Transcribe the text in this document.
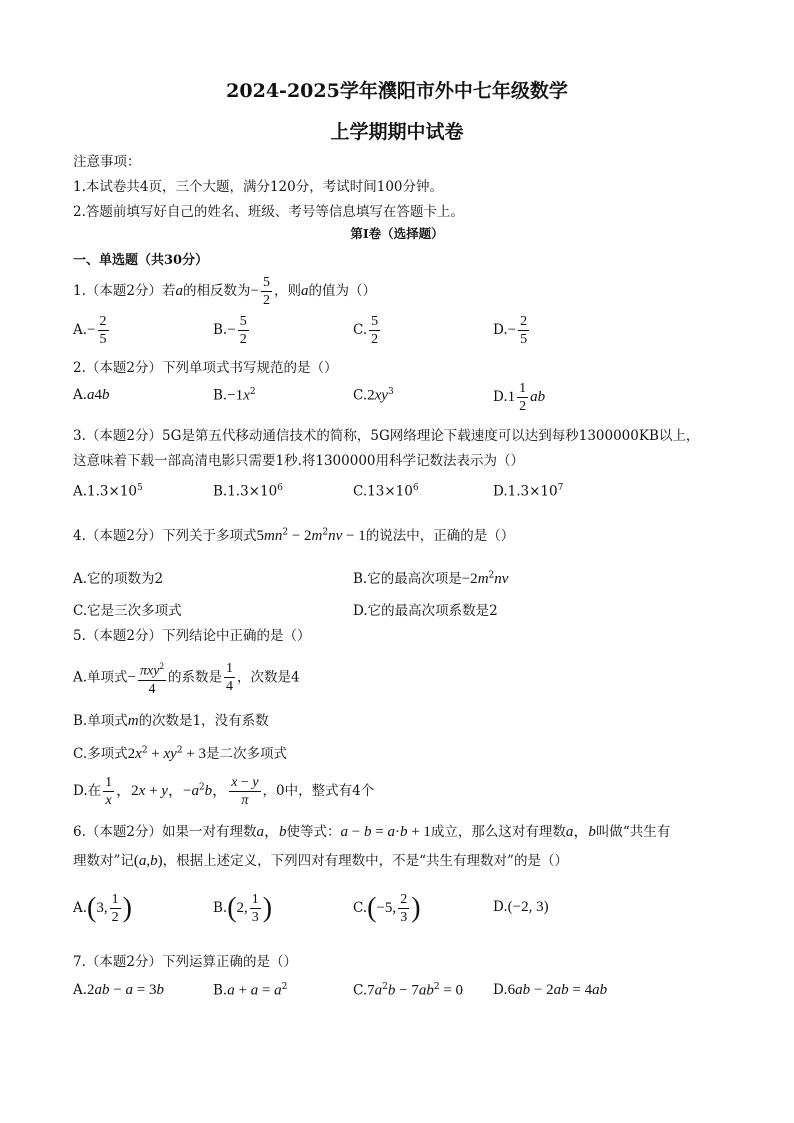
2024-2025学年濮阳市外中七年级数学
上学期期中试卷
注意事项：
1.本试卷共4页，三个大题，满分120分，考试时间100分钟。
2.答题前填写好自己的姓名、班级、考号等信息填写在答题卡上。
第I卷（选择题）
一、单选题（共30分）
1.（本题2分）若a的相反数为− $\frac{5}{2}$ ，则a的值为（）
$A.- \frac{2}{5}$	$B.- \frac{5}{2}$	C. $\frac{5}{2}$	$D.- \frac{2}{5}$
2.（本题2分）下列单项式书写规范的是（）
A.a4b	$B.-1x^2$	$C.2xy^3$	$D.1 \frac{1}{2}$ ab
3.（本题2分）5G是第五代移动通信技术的简称，5G网络理论下载速度可以达到每秒1300000KB以上，
这意味着下载一部高清电影只需要1秒.将1300000用科学记数法表示为（）
$A.1.3\times 10^5$	$B.1.3\times 10^6$	$C.13\times 10^6$	$D.1.3\times 10^7$
4.（本题2分）下列关于多项式$5mn^2 - 2m^2nv - 1$的说法中，正确的是（）
A.它的项数为2	B.它的最高次项是$-2m^2nv$
C.它是三次多项式	D.它的最高次项系数是2
5.（本题2分）下列结论中正确的是（）
A.单项式− $\frac{\pi xy^2}{4}$ 的系数是 $\frac{1}{4}$ ，次数是4
B.单项式m的次数是1，没有系数
C.多项式$2x^2 + xy^2 + 3$是二次多项式
D.在 $\frac{1}{x}$ ，2x + y，$-a^2b$， $\frac{x - y}{\pi}$ ，0中，整式有4个
6.（本题2分）如果一对有理数a，b使等式：a − b = a·b + 1成立，那么这对有理数a，b叫做“共生有
理数对”记(a,b)，根据上述定义，下列四对有理数中，不是“共生有理数对”的是（）
A.(3, $\frac{1}{2}$ )	B.(2, $\frac{1}{3}$ )	C.(−5, $\frac{2}{3}$ )	D.(−2, 3)
7.（本题2分）下列运算正确的是（）
A.2ab − a = 3b	$B.a + a = a^2$	$C.7a^2b - 7ab^2 = 0$ D.6ab − 2ab = 4ab
